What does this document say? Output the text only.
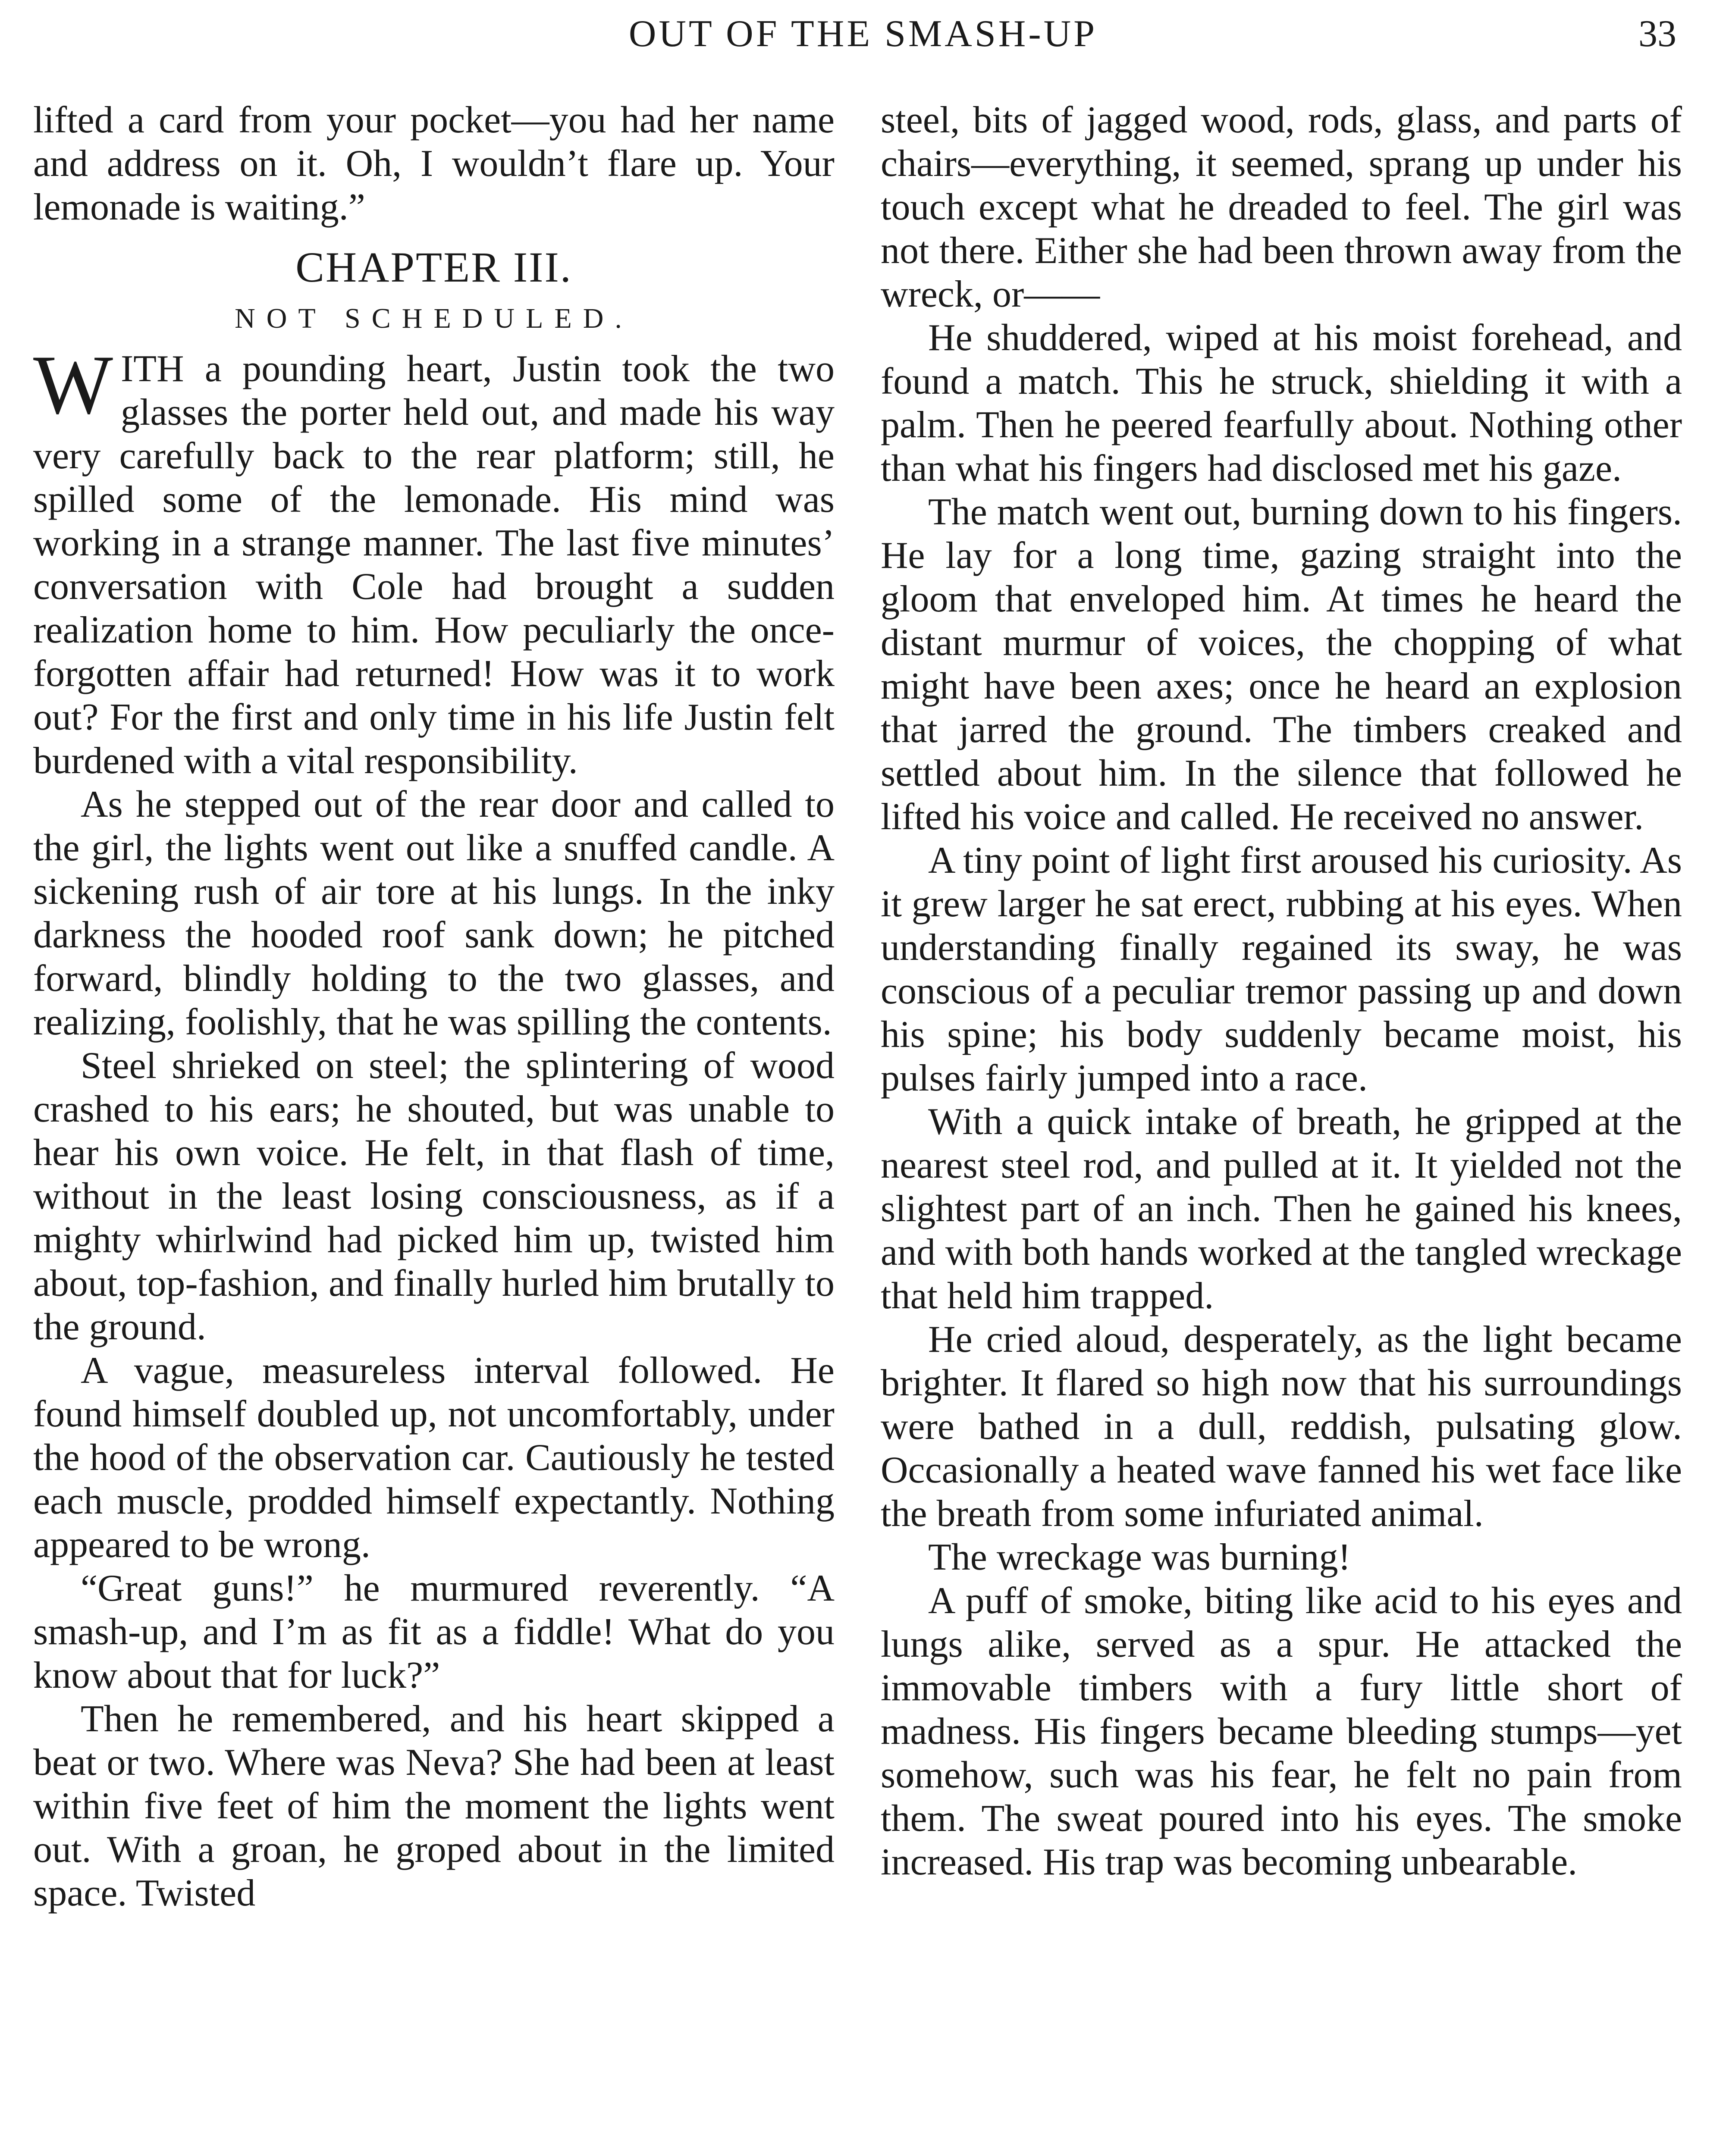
OUT OF THE SMASH-UP	33

lifted a card from your pocket—you had her name and address on it. Oh, I wouldn’t flare up. Your lemonade is waiting.”

CHAPTER III.
NOT SCHEDULED.

WITH a pounding heart, Justin took the two glasses the porter held out, and made his way very carefully back to the rear platform; still, he spilled some of the lemonade. His mind was working in a strange manner. The last five minutes’ conversation with Cole had brought a sudden realization home to him. How peculiarly the once-forgotten affair had returned! How was it to work out? For the first and only time in his life Justin felt burdened with a vital responsibility.

As he stepped out of the rear door and called to the girl, the lights went out like a snuffed candle. A sickening rush of air tore at his lungs. In the inky darkness the hooded roof sank down; he pitched forward, blindly holding to the two glasses, and realizing, foolishly, that he was spilling the contents.

Steel shrieked on steel; the splintering of wood crashed to his ears; he shouted, but was unable to hear his own voice. He felt, in that flash of time, without in the least losing consciousness, as if a mighty whirlwind had picked him up, twisted him about, top-fashion, and finally hurled him brutally to the ground.

A vague, measureless interval followed. He found himself doubled up, not uncomfortably, under the hood of the observation car. Cautiously he tested each muscle, prodded himself expectantly. Nothing appeared to be wrong.

“Great guns!” he murmured reverently. “A smash-up, and I’m as fit as a fiddle! What do you know about that for luck?”

Then he remembered, and his heart skipped a beat or two. Where was Neva? She had been at least within five feet of him the moment the lights went out. With a groan, he groped about in the limited space. Twisted

steel, bits of jagged wood, rods, glass, and parts of chairs—everything, it seemed, sprang up under his touch except what he dreaded to feel. The girl was not there. Either she had been thrown away from the wreck, or——

He shuddered, wiped at his moist forehead, and found a match. This he struck, shielding it with a palm. Then he peered fearfully about. Nothing other than what his fingers had disclosed met his gaze.

The match went out, burning down to his fingers. He lay for a long time, gazing straight into the gloom that enveloped him. At times he heard the distant murmur of voices, the chopping of what might have been axes; once he heard an explosion that jarred the ground. The timbers creaked and settled about him. In the silence that followed he lifted his voice and called. He received no answer.

A tiny point of light first aroused his curiosity. As it grew larger he sat erect, rubbing at his eyes. When understanding finally regained its sway, he was conscious of a peculiar tremor passing up and down his spine; his body suddenly became moist, his pulses fairly jumped into a race.

With a quick intake of breath, he gripped at the nearest steel rod, and pulled at it. It yielded not the slightest part of an inch. Then he gained his knees, and with both hands worked at the tangled wreckage that held him trapped.

He cried aloud, desperately, as the light became brighter. It flared so high now that his surroundings were bathed in a dull, reddish, pulsating glow. Occasionally a heated wave fanned his wet face like the breath from some infuriated animal.

The wreckage was burning!

A puff of smoke, biting like acid to his eyes and lungs alike, served as a spur. He attacked the immovable timbers with a fury little short of madness. His fingers became bleeding stumps—yet somehow, such was his fear, he felt no pain from them. The sweat poured into his eyes. The smoke increased. His trap was becoming unbearable.
